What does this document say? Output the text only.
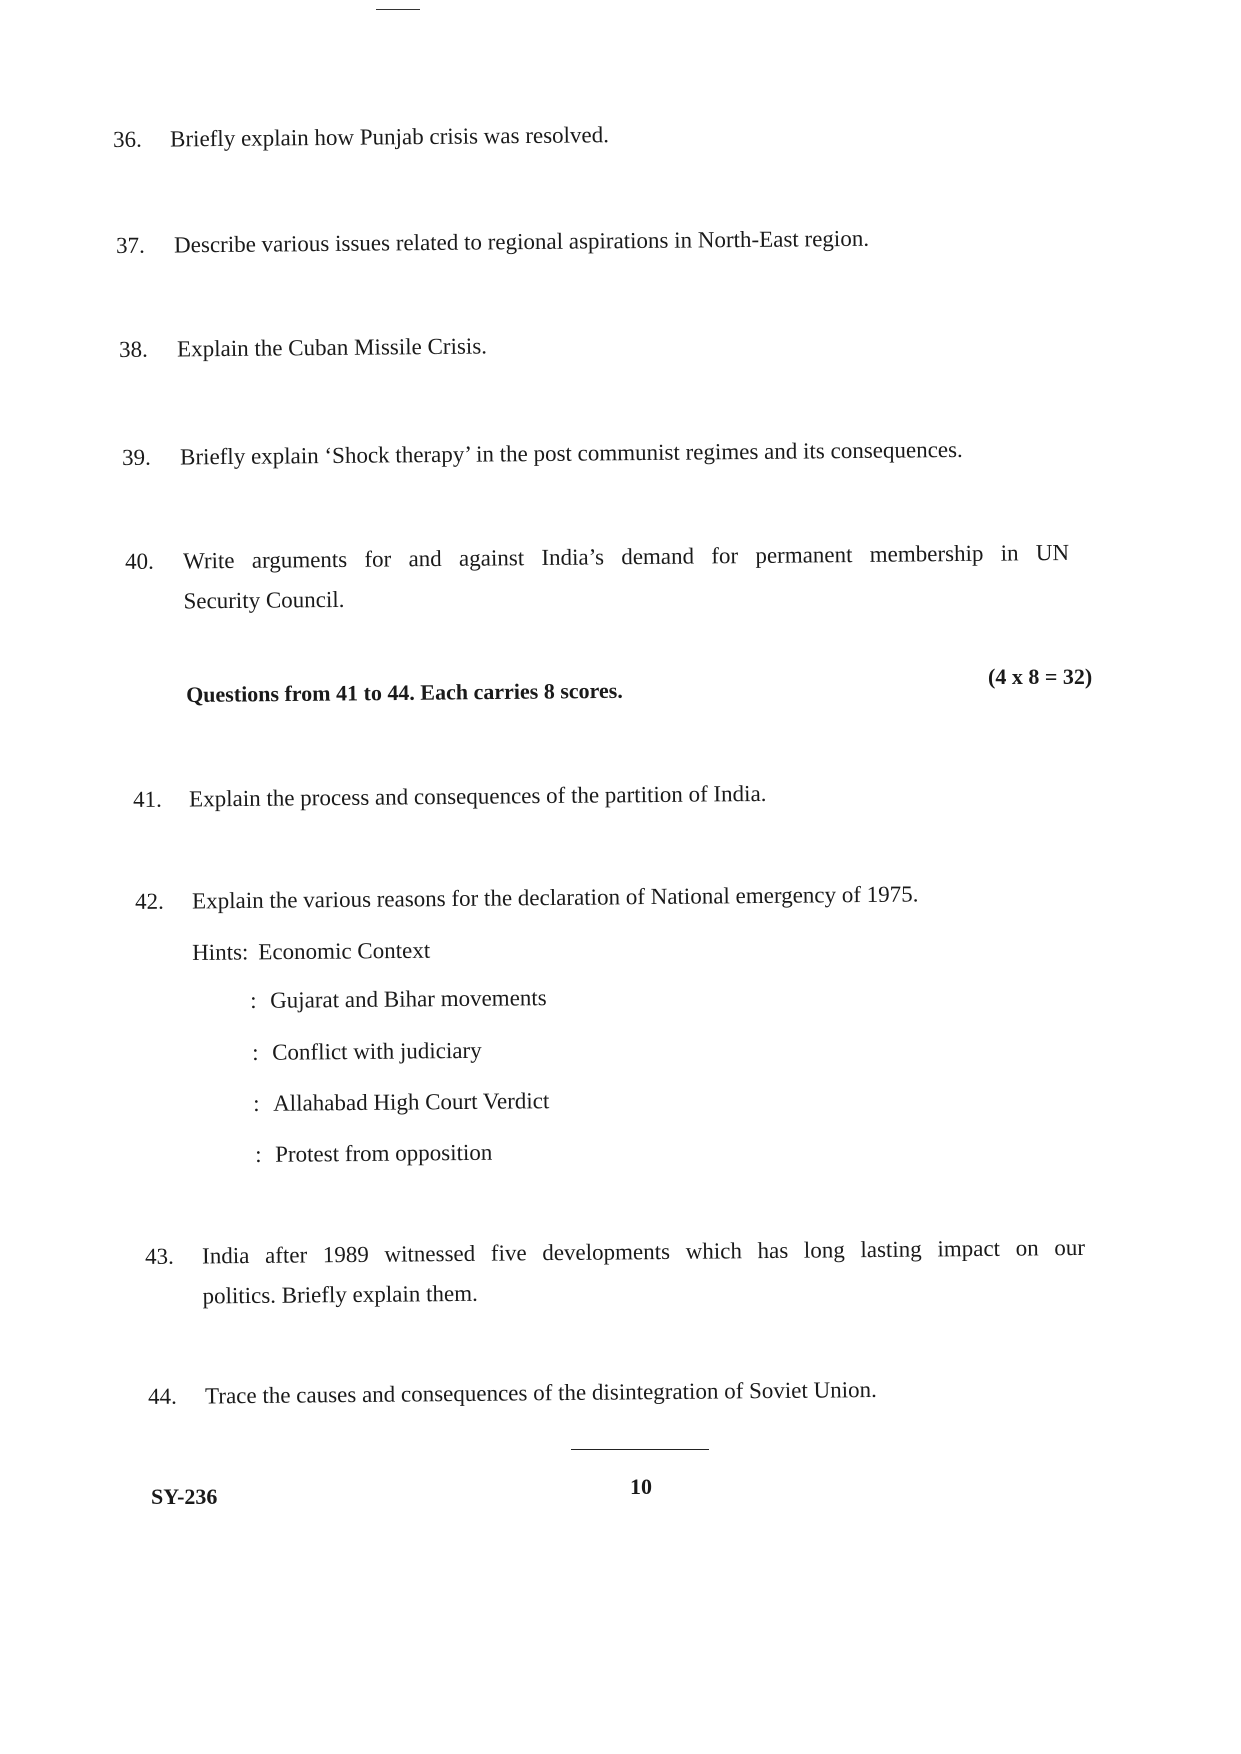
36. Briefly explain how Punjab crisis was resolved.
37. Describe various issues related to regional aspirations in North-East region.
38. Explain the Cuban Missile Crisis.
39. Briefly explain ‘Shock therapy’ in the post communist regimes and its consequences.
40. Write arguments for and against India’s demand for permanent membership in UN
Security Council.
Questions from 41 to 44. Each carries 8 scores.
(4 x 8 = 32)
41. Explain the process and consequences of the partition of India.
42. Explain the various reasons for the declaration of National emergency of 1975.
Hints: Economic Context
: Gujarat and Bihar movements
: Conflict with judiciary
: Allahabad High Court Verdict
: Protest from opposition
43. India after 1989 witnessed five developments which has long lasting impact on our
politics. Briefly explain them.
44. Trace the causes and consequences of the disintegration of Soviet Union.
10
SY-236
